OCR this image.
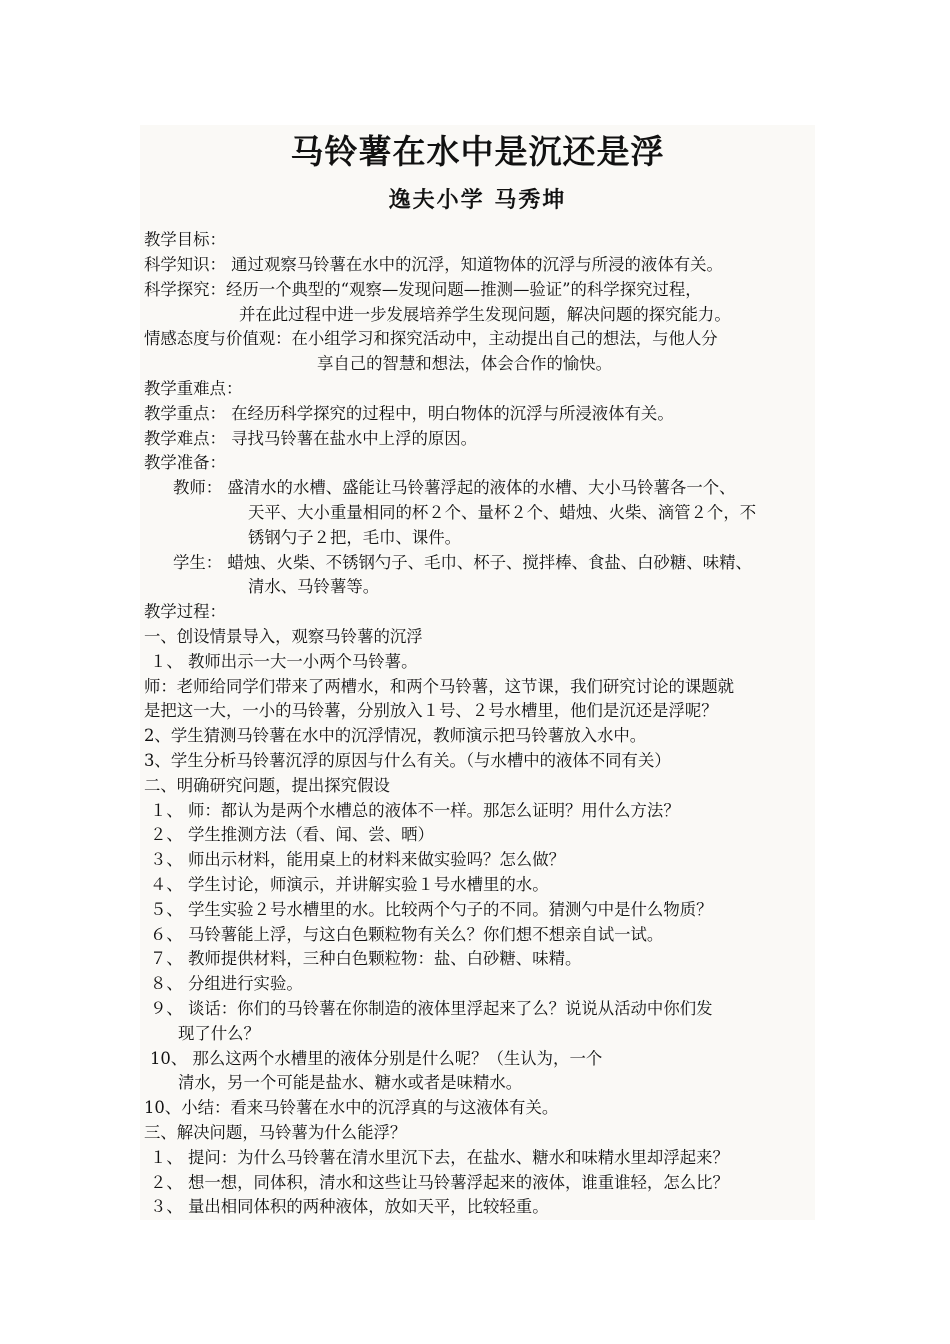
马铃薯在水中是沉还是浮
逸夫小学 马秀坤
教学目标：
科学知识： 通过观察马铃薯在水中的沉浮，知道物体的沉浮与所浸的液体有关。
科学探究：经历一个典型的“观察—发现问题—推测—验证”的科学探究过程，
并在此过程中进一步发展培养学生发现问题，解决问题的探究能力。
情感态度与价值观：在小组学习和探究活动中，主动提出自己的想法，与他人分
享自己的智慧和想法，体会合作的愉快。
教学重难点：
教学重点： 在经历科学探究的过程中，明白物体的沉浮与所浸液体有关。
教学难点： 寻找马铃薯在盐水中上浮的原因。
教学准备：
教师： 盛清水的水槽、盛能让马铃薯浮起的液体的水槽、大小马铃薯各一个、
天平、大小重量相同的杯２个、量杯２个、蜡烛、火柴、滴管２个，不
锈钢勺子２把，毛巾、课件。
学生： 蜡烛、火柴、不锈钢勺子、毛巾、杯子、搅拌棒、食盐、白砂糖、味精、
清水、马铃薯等。
教学过程：
一、创设情景导入，观察马铃薯的沉浮
１、 教师出示一大一小两个马铃薯。
师：老师给同学们带来了两槽水，和两个马铃薯，这节课，我们研究讨论的课题就
是把这一大，一小的马铃薯，分别放入１号、２号水槽里，他们是沉还是浮呢？
2、学生猜测马铃薯在水中的沉浮情况，教师演示把马铃薯放入水中。
3、学生分析马铃薯沉浮的原因与什么有关。（与水槽中的液体不同有关）
二、明确研究问题，提出探究假设
１、 师：都认为是两个水槽总的液体不一样。那怎么证明？用什么方法？
２、 学生推测方法（看、闻、尝、晒）
３、 师出示材料，能用桌上的材料来做实验吗？怎么做？
４、 学生讨论，师演示，并讲解实验１号水槽里的水。
５、 学生实验２号水槽里的水。比较两个勺子的不同。猜测勺中是什么物质？
６、 马铃薯能上浮，与这白色颗粒物有关么？你们想不想亲自试一试。
７、 教师提供材料，三种白色颗粒物：盐、白砂糖、味精。
８、 分组进行实验。
９、 谈话：你们的马铃薯在你制造的液体里浮起来了么？说说从活动中你们发
现了什么？
10、 那么这两个水槽里的液体分别是什么呢？（生认为，一个
清水，另一个可能是盐水、糖水或者是味精水。
10、小结：看来马铃薯在水中的沉浮真的与这液体有关。
三、解决问题，马铃薯为什么能浮？
１、 提问：为什么马铃薯在清水里沉下去，在盐水、糖水和味精水里却浮起来？
２、 想一想，同体积，清水和这些让马铃薯浮起来的液体，谁重谁轻，怎么比？
３、 量出相同体积的两种液体，放如天平，比较轻重。
